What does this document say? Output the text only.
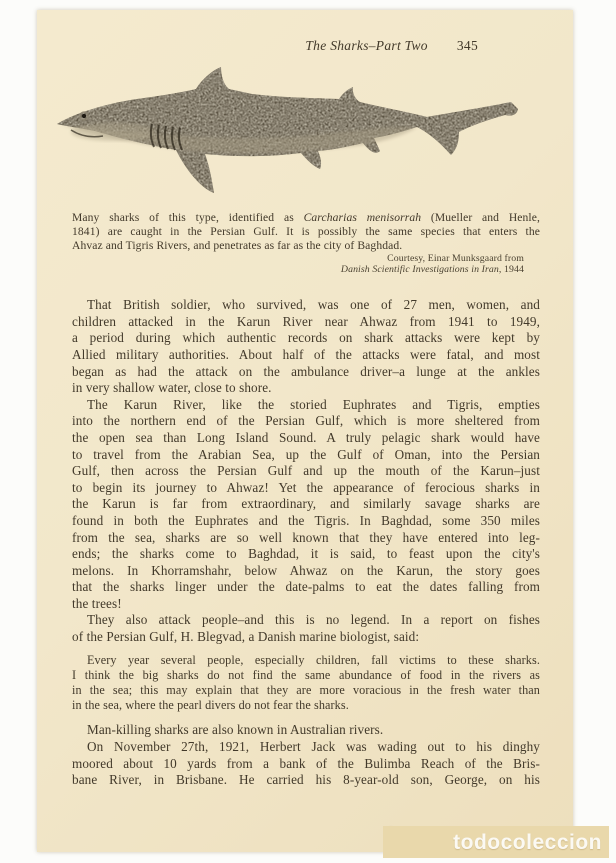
The Sharks–Part Two 345
Many sharks of this type, identified as Carcharias menisorrah (Mueller and Henle,
1841) are caught in the Persian Gulf. It is possibly the same species that enters the
Ahvaz and Tigris Rivers, and penetrates as far as the city of Baghdad.
Courtesy, Einar Munksgaard from
Danish Scientific Investigations in Iran, 1944
That British soldier, who survived, was one of 27 men, women, and
children attacked in the Karun River near Ahwaz from 1941 to 1949,
a period during which authentic records on shark attacks were kept by
Allied military authorities. About half of the attacks were fatal, and most
began as had the attack on the ambulance driver–a lunge at the ankles
in very shallow water, close to shore.
The Karun River, like the storied Euphrates and Tigris, empties
into the northern end of the Persian Gulf, which is more sheltered from
the open sea than Long Island Sound. A truly pelagic shark would have
to travel from the Arabian Sea, up the Gulf of Oman, into the Persian
Gulf, then across the Persian Gulf and up the mouth of the Karun–just
to begin its journey to Ahwaz! Yet the appearance of ferocious sharks in
the Karun is far from extraordinary, and similarly savage sharks are
found in both the Euphrates and the Tigris. In Baghdad, some 350 miles
from the sea, sharks are so well known that they have entered into leg-
ends; the sharks come to Baghdad, it is said, to feast upon the city's
melons. In Khorramshahr, below Ahwaz on the Karun, the story goes
that the sharks linger under the date-palms to eat the dates falling from
the trees!
They also attack people–and this is no legend. In a report on fishes
of the Persian Gulf, H. Blegvad, a Danish marine biologist, said:
Every year several people, especially children, fall victims to these sharks.
I think the big sharks do not find the same abundance of food in the rivers as
in the sea; this may explain that they are more voracious in the fresh water than
in the sea, where the pearl divers do not fear the sharks.
Man-killing sharks are also known in Australian rivers.
On November 27th, 1921, Herbert Jack was wading out to his dinghy
moored about 10 yards from a bank of the Bulimba Reach of the Bris-
bane River, in Brisbane. He carried his 8-year-old son, George, on his
todocoleccion
